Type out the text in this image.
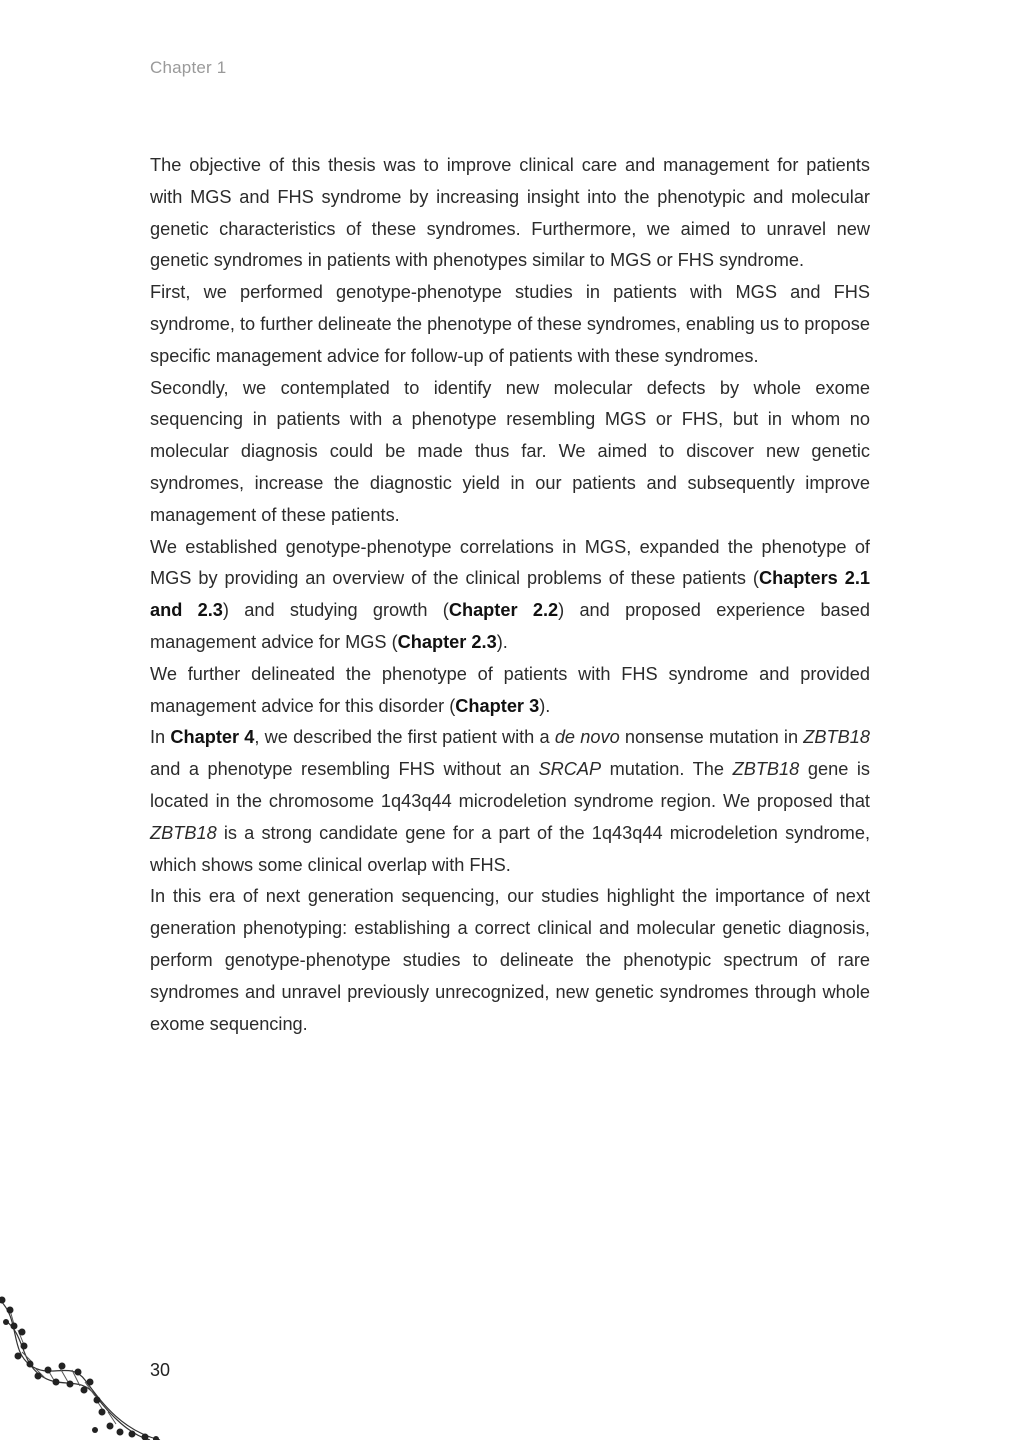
Chapter 1

The objective of this thesis was to improve clinical care and management for patients with MGS and FHS syndrome by increasing insight into the phenotypic and molecular genetic characteristics of these syndromes. Furthermore, we aimed to unravel new genetic syndromes in patients with phenotypes similar to MGS or FHS syndrome.

First, we performed genotype-phenotype studies in patients with MGS and FHS syndrome, to further delineate the phenotype of these syndromes, enabling us to propose specific management advice for follow-up of patients with these syndromes.

Secondly, we contemplated to identify new molecular defects by whole exome sequencing in patients with a phenotype resembling MGS or FHS, but in whom no molecular diagnosis could be made thus far. We aimed to discover new genetic syndromes, increase the diagnostic yield in our patients and subsequently improve management of these patients.

We established genotype-phenotype correlations in MGS, expanded the phenotype of MGS by providing an overview of the clinical problems of these patients (Chapters 2.1 and 2.3) and studying growth (Chapter 2.2) and proposed experience based management advice for MGS (Chapter 2.3).

We further delineated the phenotype of patients with FHS syndrome and provided management advice for this disorder (Chapter 3).

In Chapter 4, we described the first patient with a de novo nonsense mutation in ZBTB18 and a phenotype resembling FHS without an SRCAP mutation. The ZBTB18 gene is located in the chromosome 1q43q44 microdeletion syndrome region. We proposed that ZBTB18 is a strong candidate gene for a part of the 1q43q44 microdeletion syndrome, which shows some clinical overlap with FHS.

In this era of next generation sequencing, our studies highlight the importance of next generation phenotyping: establishing a correct clinical and molecular genetic diagnosis, perform genotype-phenotype studies to delineate the phenotypic spectrum of rare syndromes and unravel previously unrecognized, new genetic syndromes through whole exome sequencing.

30
